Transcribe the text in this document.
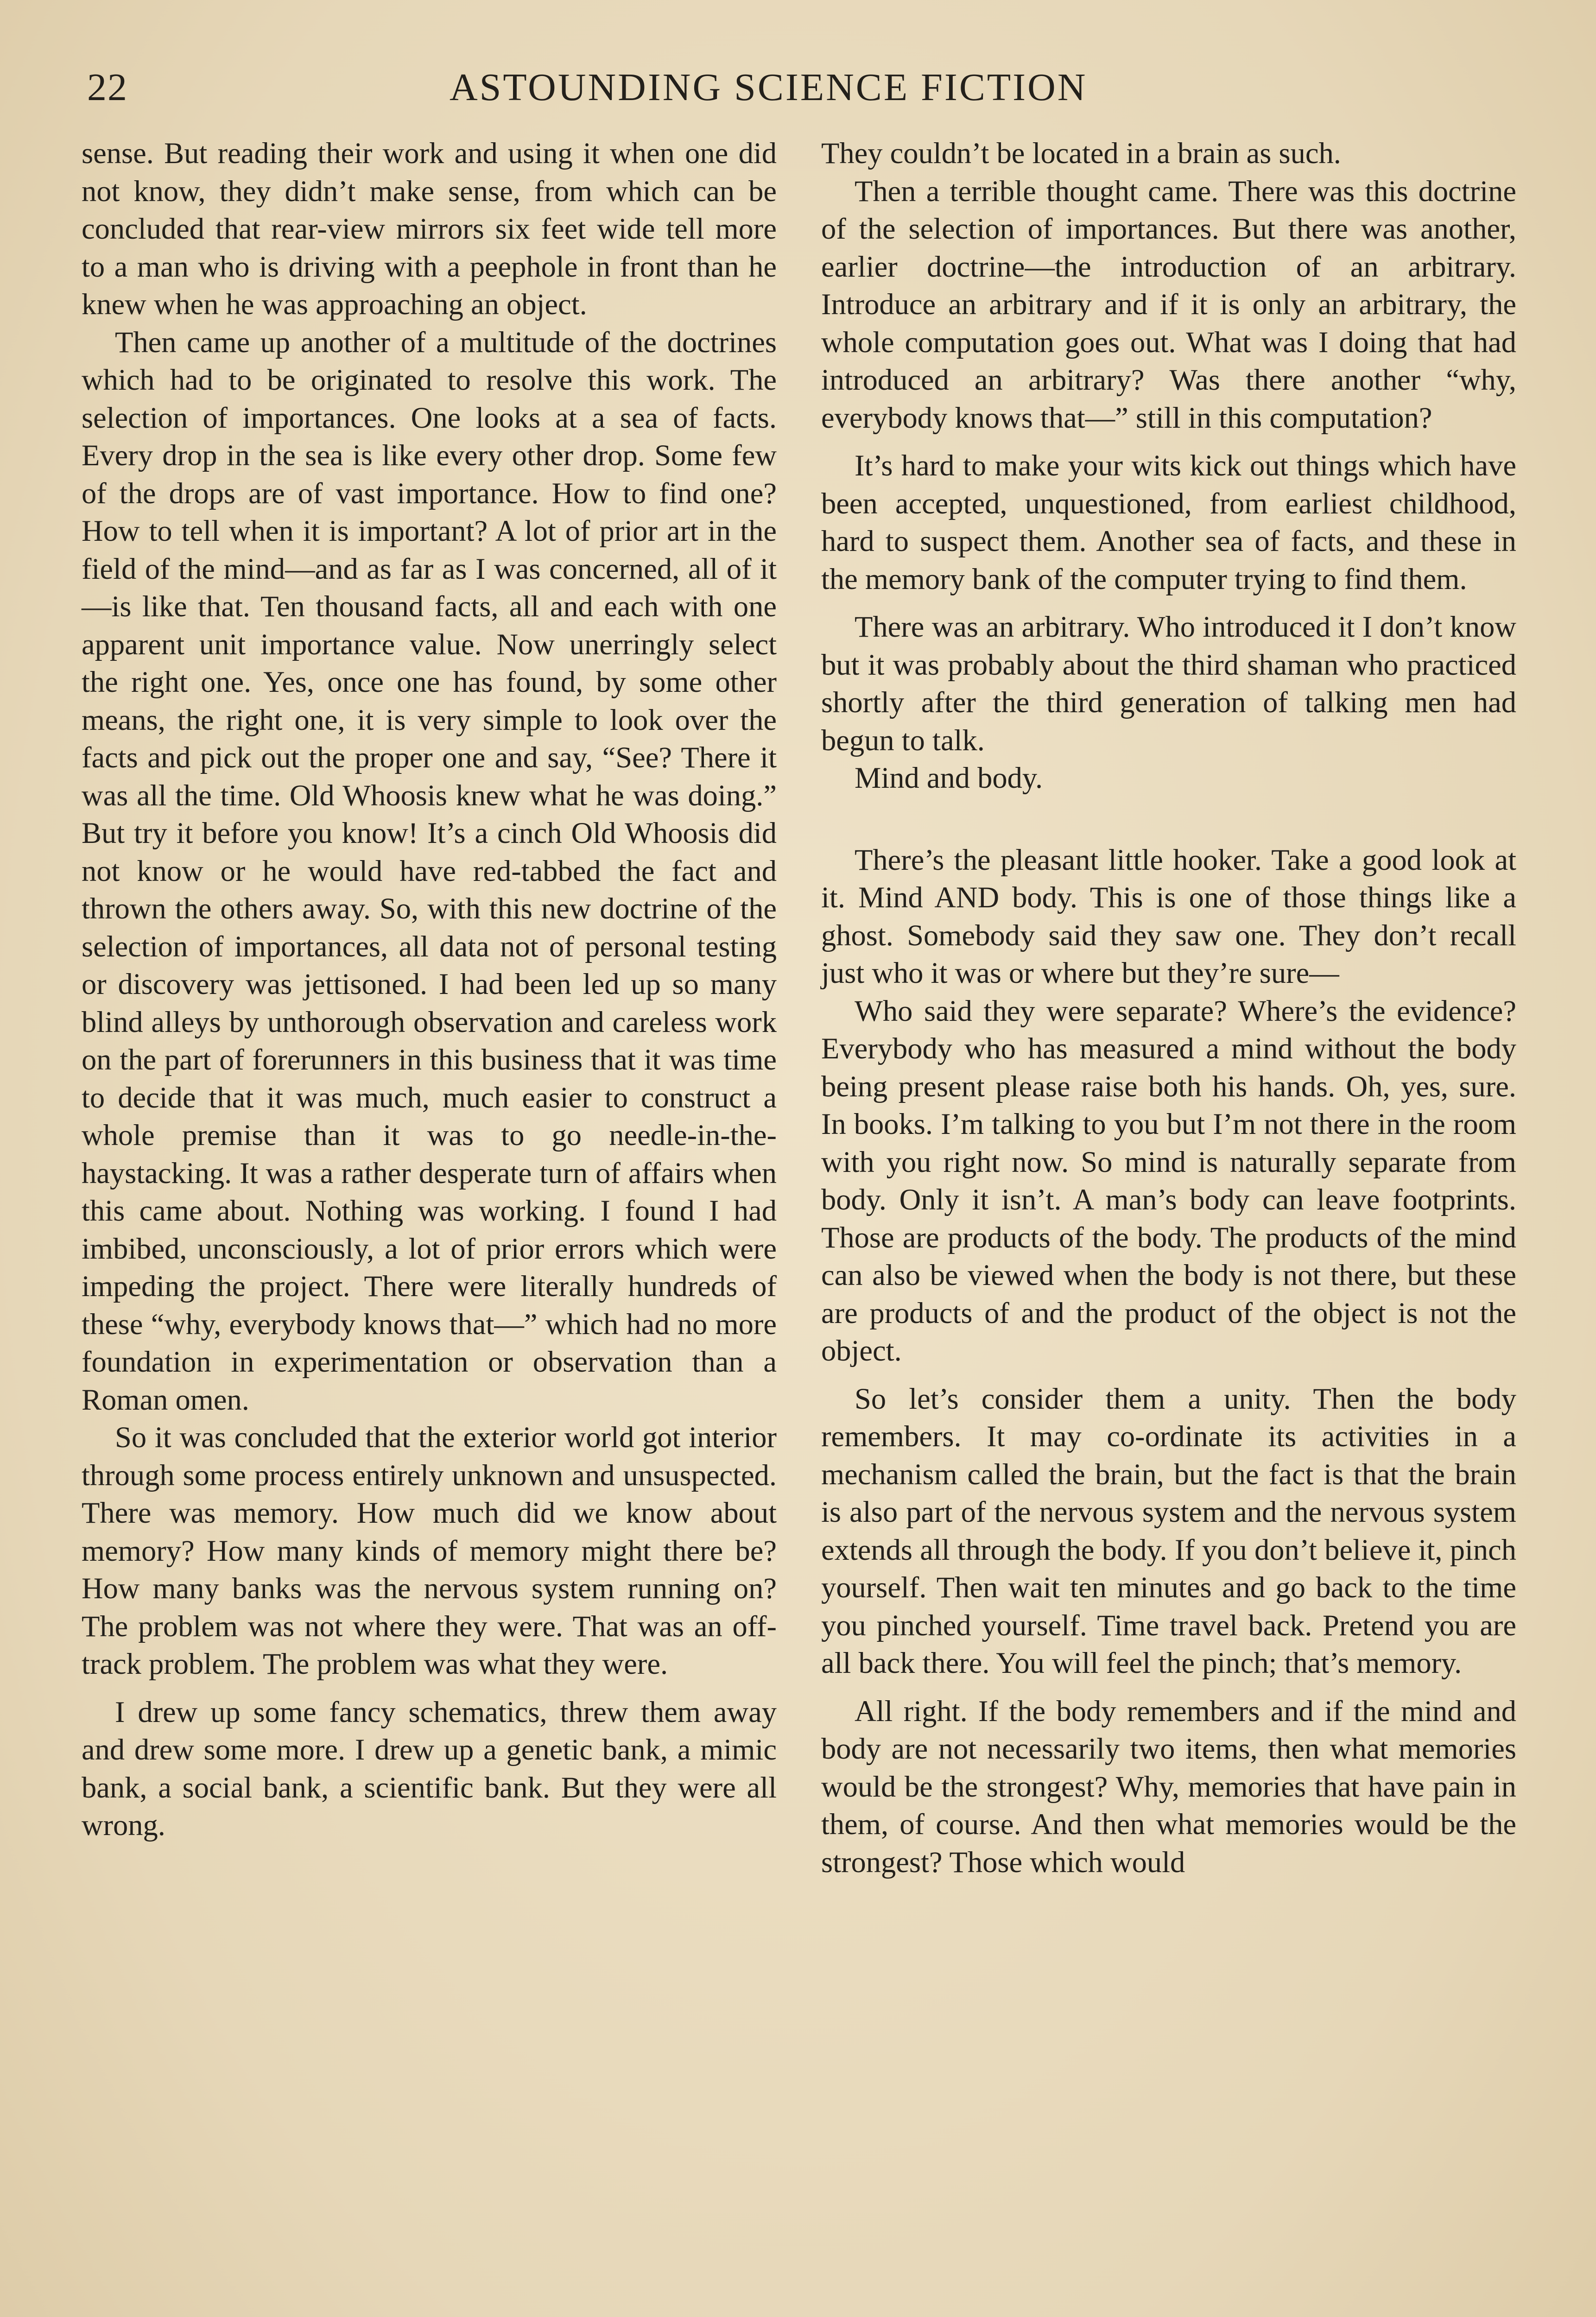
22	ASTOUNDING SCIENCE FICTION

sense. But reading their work and using it when one did not know, they didn’t make sense, from which can be concluded that rear-view mirrors six feet wide tell more to a man who is driving with a peephole in front than he knew when he was approaching an object.

Then came up another of a multitude of the doctrines which had to be originated to resolve this work. The selection of importances. One looks at a sea of facts. Every drop in the sea is like every other drop. Some few of the drops are of vast importance. How to find one? How to tell when it is important? A lot of prior art in the field of the mind—and as far as I was concerned, all of it—is like that. Ten thousand facts, all and each with one apparent unit importance value. Now unerringly select the right one. Yes, once one has found, by some other means, the right one, it is very simple to look over the facts and pick out the proper one and say, “See? There it was all the time. Old Whoosis knew what he was doing.” But try it before you know! It’s a cinch Old Whoosis did not know or he would have red-tabbed the fact and thrown the others away. So, with this new doctrine of the selection of importances, all data not of personal testing or discovery was jettisoned. I had been led up so many blind alleys by unthorough observation and careless work on the part of forerunners in this business that it was time to decide that it was much, much easier to construct a whole premise than it was to go needle-in-the-haystacking. It was a rather desperate turn of affairs when this came about. Nothing was working. I found I had imbibed, unconsciously, a lot of prior errors which were impeding the project. There were literally hundreds of these “why, everybody knows that—” which had no more foundation in experimentation or observation than a Roman omen.

So it was concluded that the exterior world got interior through some process entirely unknown and unsuspected. There was memory. How much did we know about memory? How many kinds of memory might there be? How many banks was the nervous system running on? The problem was not where they were. That was an off-track problem. The problem was what they were.

I drew up some fancy schematics, threw them away and drew some more. I drew up a genetic bank, a mimic bank, a social bank, a scientific bank. But they were all wrong.

They couldn’t be located in a brain as such.

Then a terrible thought came. There was this doctrine of the selection of importances. But there was another, earlier doctrine—the introduction of an arbitrary. Introduce an arbitrary and if it is only an arbitrary, the whole computation goes out. What was I doing that had introduced an arbitrary? Was there another “why, everybody knows that—” still in this computation?

It’s hard to make your wits kick out things which have been accepted, unquestioned, from earliest childhood, hard to suspect them. Another sea of facts, and these in the memory bank of the computer trying to find them.

There was an arbitrary. Who introduced it I don’t know but it was probably about the third shaman who practiced shortly after the third generation of talking men had begun to talk.

Mind and body.

There’s the pleasant little hooker. Take a good look at it. Mind AND body. This is one of those things like a ghost. Somebody said they saw one. They don’t recall just who it was or where but they’re sure—

Who said they were separate? Where’s the evidence? Everybody who has measured a mind without the body being present please raise both his hands. Oh, yes, sure. In books. I’m talking to you but I’m not there in the room with you right now. So mind is naturally separate from body. Only it isn’t. A man’s body can leave footprints. Those are products of the body. The products of the mind can also be viewed when the body is not there, but these are products of and the product of the object is not the object.

So let’s consider them a unity. Then the body remembers. It may co-ordinate its activities in a mechanism called the brain, but the fact is that the brain is also part of the nervous system and the nervous system extends all through the body. If you don’t believe it, pinch yourself. Then wait ten minutes and go back to the time you pinched yourself. Time travel back. Pretend you are all back there. You will feel the pinch; that’s memory.

All right. If the body remembers and if the mind and body are not necessarily two items, then what memories would be the strongest? Why, memories that have pain in them, of course. And then what memories would be the strongest? Those which would
